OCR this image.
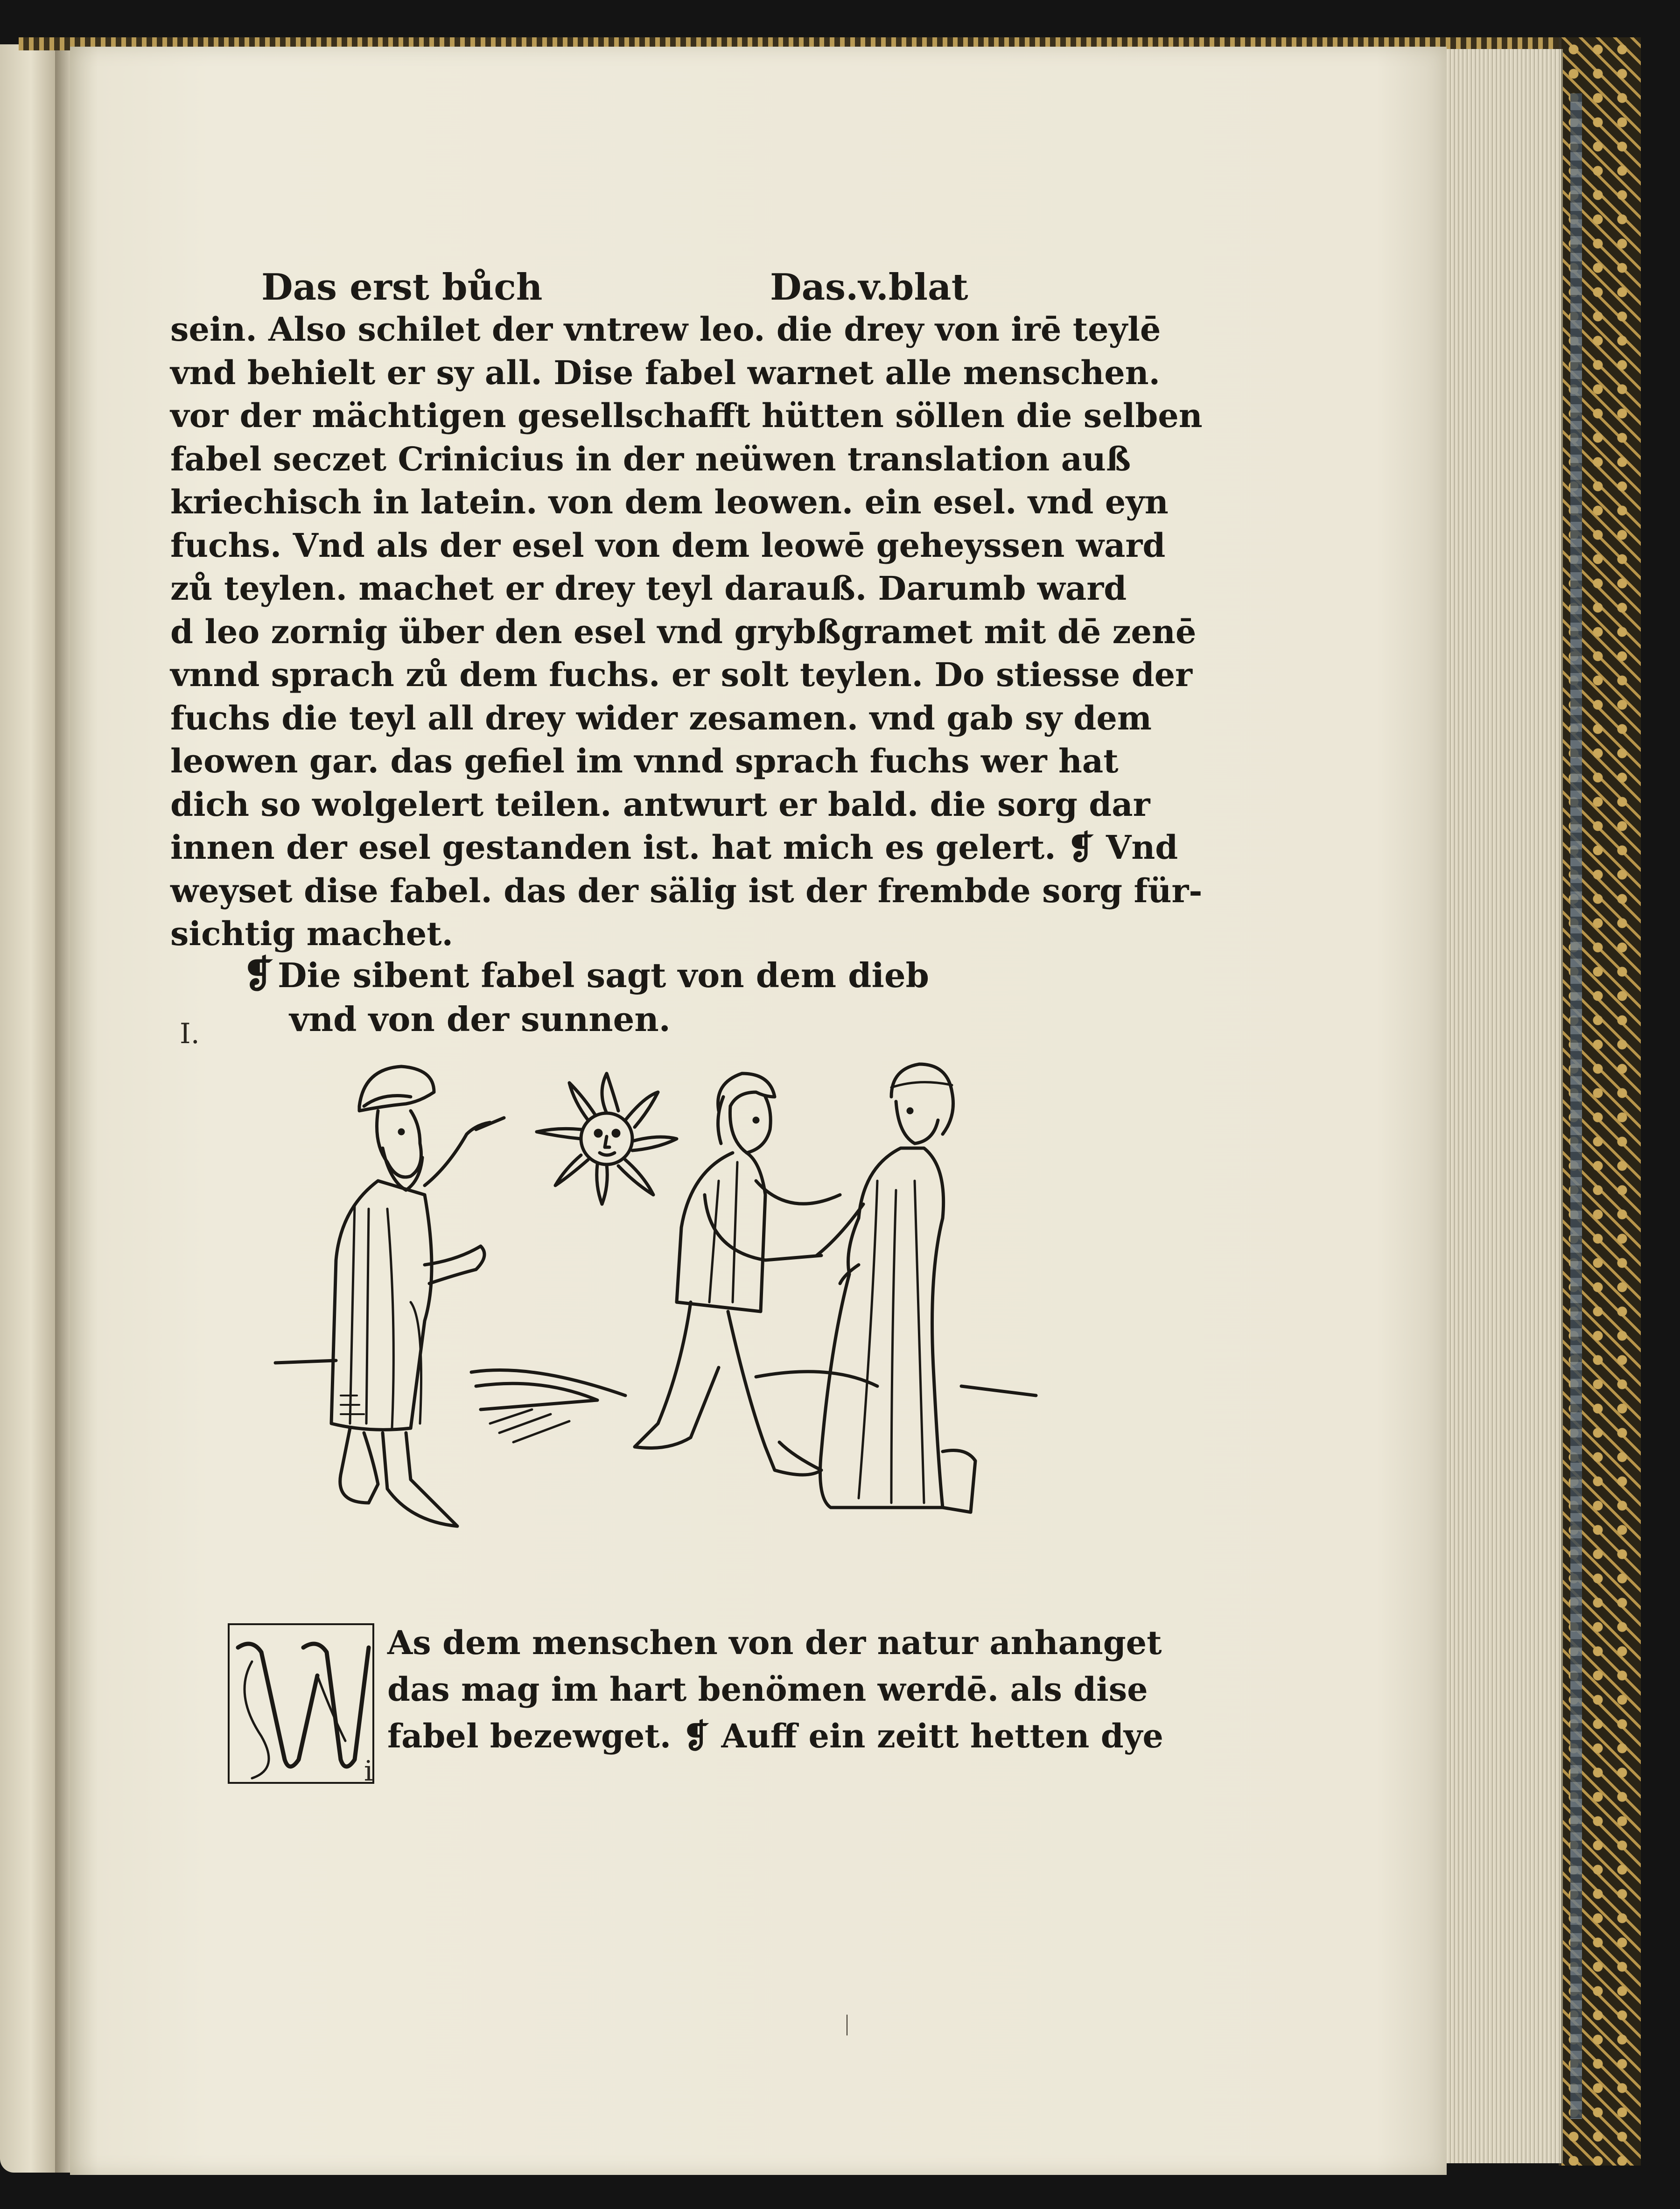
Das erst bůch	Das.v.blat
sein. Also schilet der vntrew leo. die drey von irē teylē
vnd behielt er sy all. Dise fabel warnet alle menschen.
vor der mächtigen gesellschafft hütten söllen die selben
fabel seczet Crinicius in der neüwen translation auß
kriechisch in latein. von dem leowen. ein esel. vnd eyn
fuchs. Vnd als der esel von dem leowē geheyssen ward
zů teylen. machet er drey teyl darauß. Darumb ward
d leo zornig über den esel vnd grybßgramet mit dē zenē
vnnd sprach zů dem fuchs. er solt teylen. Do stiesse der
fuchs die teyl all drey wider zesamen. vnd gab sy dem
leowen gar. das gefiel im vnnd sprach fuchs wer hat
dich so wolgelert teilen. antwurt er bald. die sorg dar
innen der esel gestanden ist. hat mich es gelert. ❡ Vnd
weyset dise fabel. das der sälig ist der frembde sorg für-
sichtig machet.
❡ Die sibent fabel sagt von dem dieb
vnd von der sunnen.
I.
i
As dem menschen von der natur anhanget
das mag im hart benömen werdē. als dise
fabel bezewget. ❡ Auff ein zeitt hetten dye
ᛁ
